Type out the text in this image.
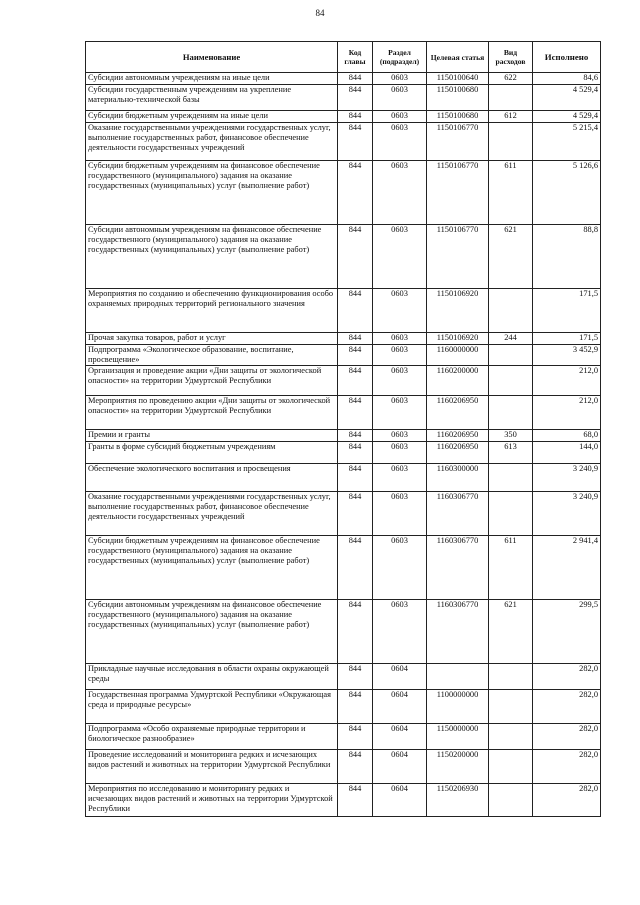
84
Наименование	Код главы	Раздел (подраздел)	Целевая статья	Вид расходов	Исполнено
Субсидии автономным учреждениям на иные цели	844	0603	1150100640	622	84,6
Субсидии государственным учреждениям на укрепление материально-технической базы	844	0603	1150100680		4 529,4
Субсидии бюджетным учреждениям на иные цели	844	0603	1150100680	612	4 529,4
Оказание государственными учреждениями государственных услуг, выполнение государственных работ, финансовое обеспечение деятельности государственных учреждений	844	0603	1150106770		5 215,4
Субсидии бюджетным учреждениям на финансовое обеспечение государственного (муниципального) задания на оказание государственных (муниципальных) услуг (выполнение работ)	844	0603	1150106770	611	5 126,6
Субсидии автономным учреждениям на финансовое обеспечение государственного (муниципального) задания на оказание государственных (муниципальных) услуг (выполнение работ)	844	0603	1150106770	621	88,8
Мероприятия по созданию и обеспечению функционирования особо охраняемых природных территорий регионального значения	844	0603	1150106920		171,5
Прочая закупка товаров, работ и услуг	844	0603	1150106920	244	171,5
Подпрограмма «Экологическое образование, воспитание, просвещение»	844	0603	1160000000		3 452,9
Организация и проведение акции «Дни защиты от экологической опасности» на территории Удмуртской Республики	844	0603	1160200000		212,0
Мероприятия по проведению акции «Дни защиты от экологической опасности» на территории Удмуртской Республики	844	0603	1160206950		212,0
Премии и гранты	844	0603	1160206950	350	68,0
Гранты в форме субсидий бюджетным учреждениям	844	0603	1160206950	613	144,0
Обеспечение экологического воспитания и просвещения	844	0603	1160300000		3 240,9
Оказание государственными учреждениями государственных услуг, выполнение государственных работ, финансовое обеспечение деятельности государственных учреждений	844	0603	1160306770		3 240,9
Субсидии бюджетным учреждениям на финансовое обеспечение государственного (муниципального) задания на оказание государственных (муниципальных) услуг (выполнение работ)	844	0603	1160306770	611	2 941,4
Субсидии автономным учреждениям на финансовое обеспечение государственного (муниципального) задания на оказание государственных (муниципальных) услуг (выполнение работ)	844	0603	1160306770	621	299,5
Прикладные научные исследования в области охраны окружающей среды	844	0604			282,0
Государственная программа Удмуртской Республики «Окружающая среда и природные ресурсы»	844	0604	1100000000		282,0
Подпрограмма «Особо охраняемые природные территории и биологическое разнообразие»	844	0604	1150000000		282,0
Проведение исследований и мониторинга редких и исчезающих видов растений и животных на территории Удмуртской Республики	844	0604	1150200000		282,0
Мероприятия по исследованию и мониторингу редких и исчезающих видов растений и животных на территории Удмуртской Республики	844	0604	1150206930		282,0
